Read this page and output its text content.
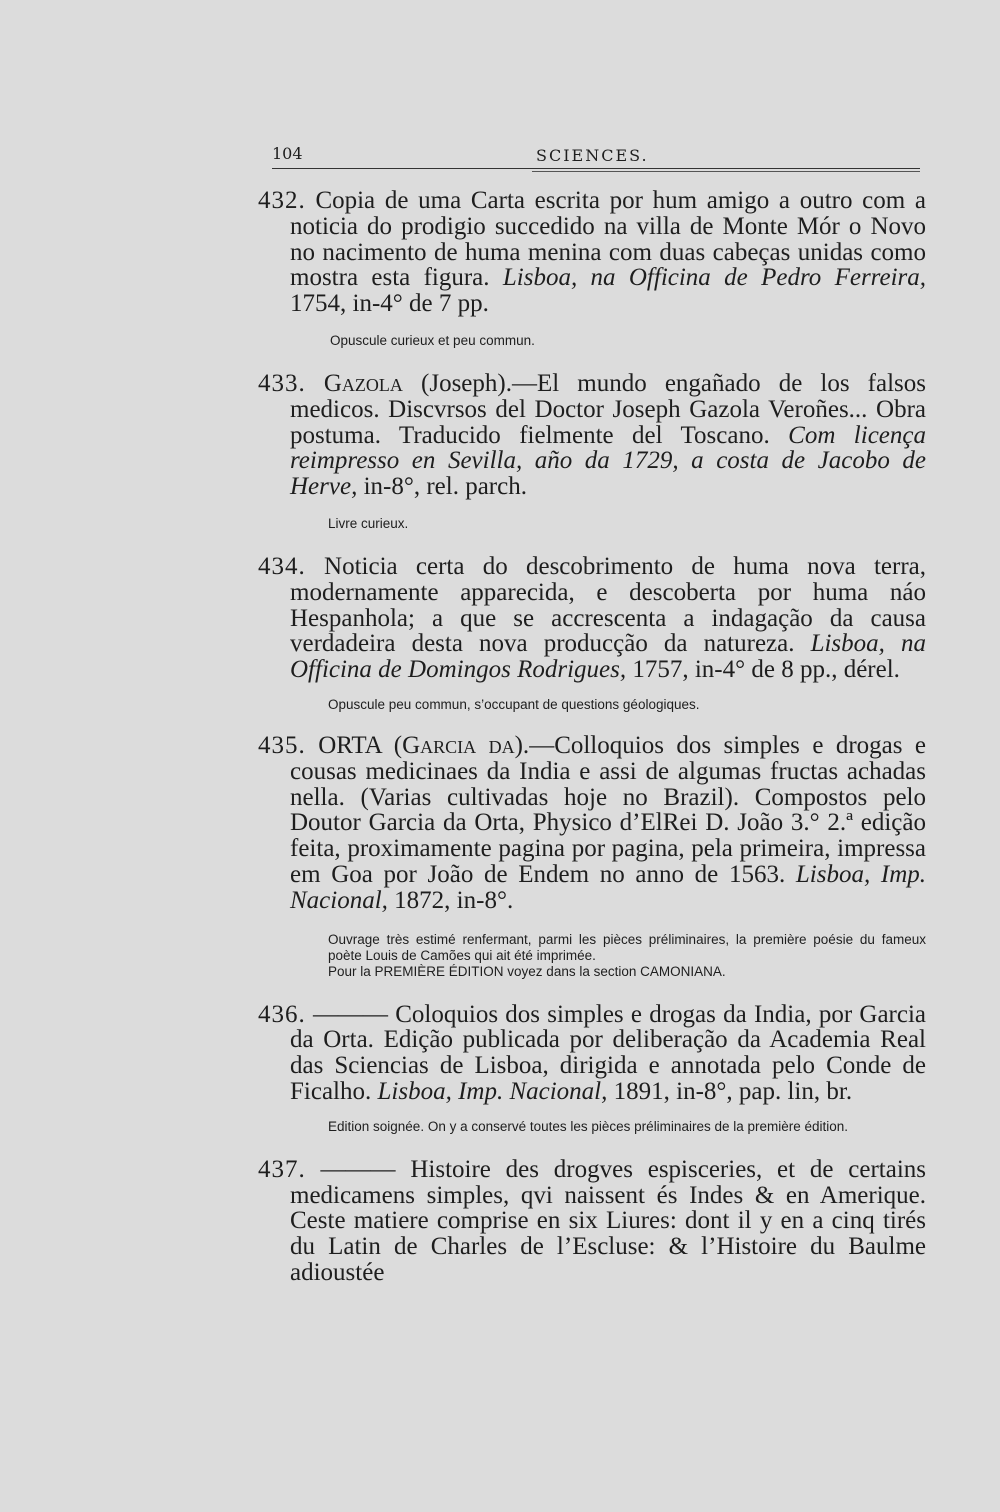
104	SCIENCES.

432. Copia de uma Carta escrita por hum amigo a outro com a noticia do prodigio succedido na villa de Monte Mór o Novo no nacimento de huma menina com duas cabeças unidas como mostra esta figura. Lisboa, na Officina de Pedro Ferreira, 1754, in-4° de 7 pp.

Opuscule curieux et peu commun.

433. Gazola (Joseph).—El mundo engañado de los falsos medicos. Discvrsos del Doctor Joseph Gazola Veroñes... Obra postuma. Traducido fielmente del Toscano. Com licença reimpresso en Sevilla, año da 1729, a costa de Jacobo de Herve, in-8°, rel. parch.

Livre curieux.

434. Noticia certa do descobrimento de huma nova terra, modernamente apparecida, e descoberta por huma náo Hespanhola; a que se accrescenta a indagação da causa verdadeira desta nova producção da natureza. Lisboa, na Officina de Domingos Rodrigues, 1757, in-4° de 8 pp., dérel.

Opuscule peu commun, s’occupant de questions géologiques.

435. ORTA (Garcia da).—Colloquios dos simples e drogas e cousas medicinaes da India e assi de algumas fructas achadas nella. (Varias cultivadas hoje no Brazil). Compostos pelo Doutor Garcia da Orta, Physico d’ElRei D. João 3.° 2.ª edição feita, proximamente pagina por pagina, pela primeira, impressa em Goa por João de Endem no anno de 1563. Lisboa, Imp. Nacional, 1872, in-8°.

Ouvrage très estimé renfermant, parmi les pièces préliminaires, la première poésie du fameux poète Louis de Camões qui ait été imprimée.
Pour la PREMIÈRE ÉDITION voyez dans la section CAMONIANA.

436. ——— Coloquios dos simples e drogas da India, por Garcia da Orta. Edição publicada por deliberação da Academia Real das Sciencias de Lisboa, dirigida e annotada pelo Conde de Ficalho. Lisboa, Imp. Nacional, 1891, in-8°, pap. lin, br.

Edition soignée. On y a conservé toutes les pièces préliminaires de la première édition.

437. ——— Histoire des drogves espisceries, et de certains medicamens simples, qvi naissent és Indes & en Amerique. Ceste matiere comprise en six Liures: dont il y en a cinq tirés du Latin de Charles de l’Escluse: & l’Histoire du Baulme adioustée
